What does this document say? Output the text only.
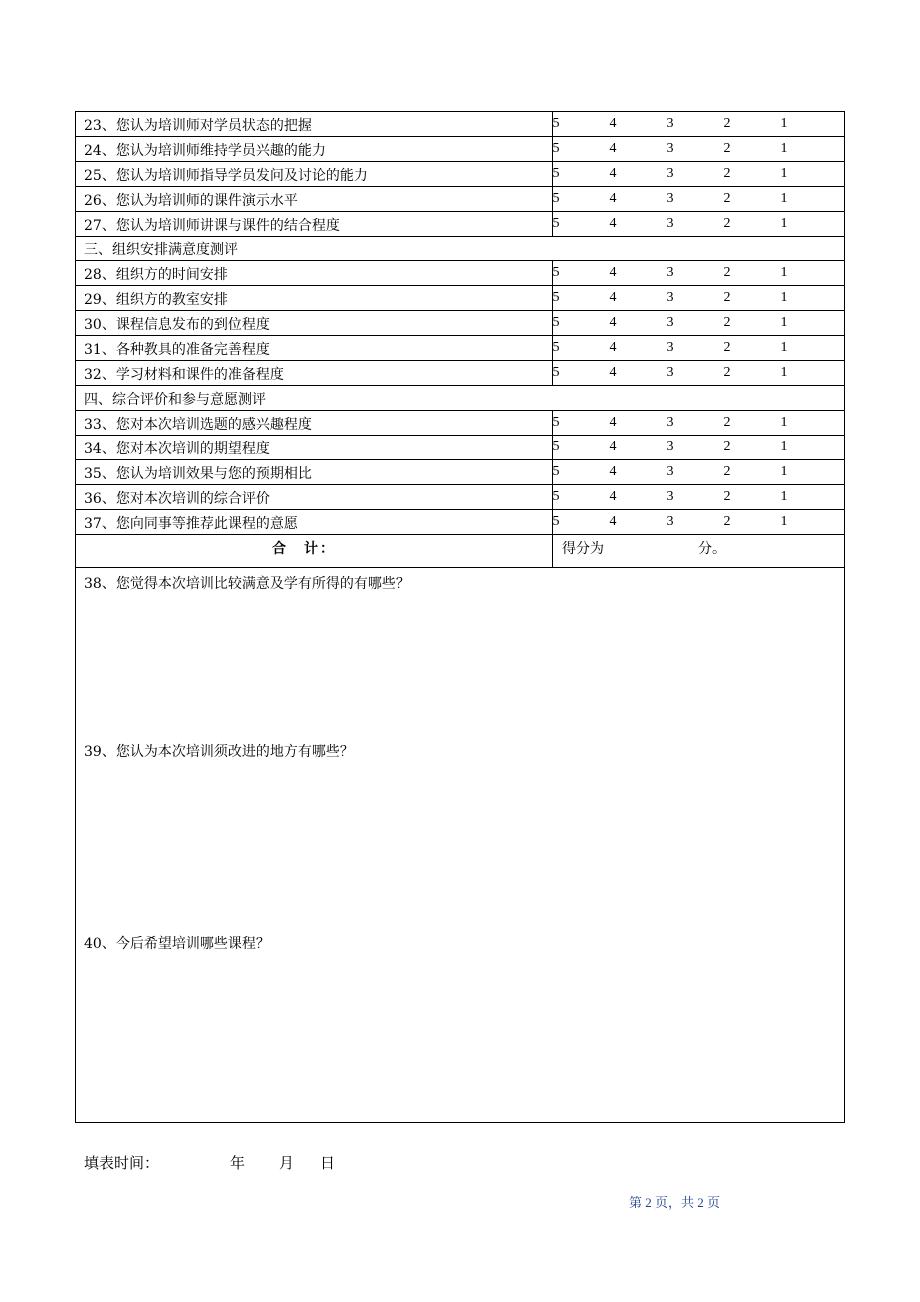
23、您认为培训师对学员状态的把握	5	4	3	2	1
24、您认为培训师维持学员兴趣的能力	5	4	3	2	1
25、您认为培训师指导学员发问及讨论的能力	5	4	3	2	1
26、您认为培训师的课件演示水平	5	4	3	2	1
27、您认为培训师讲课与课件的结合程度	5	4	3	2	1
三、组织安排满意度测评
28、组织方的时间安排	5	4	3	2	1
29、组织方的教室安排	5	4	3	2	1
30、课程信息发布的到位程度	5	4	3	2	1
31、各种教具的准备完善程度	5	4	3	2	1
32、学习材料和课件的准备程度	5	4	3	2	1
四、综合评价和参与意愿测评
33、您对本次培训选题的感兴趣程度	5	4	3	2	1
34、您对本次培训的期望程度	5	4	3	2	1
35、您认为培训效果与您的预期相比	5	4	3	2	1
36、您对本次培训的综合评价	5	4	3	2	1
37、您向同事等推荐此课程的意愿	5	4	3	2	1
合　计：	得分为	分。
38、您觉得本次培训比较满意及学有所得的有哪些？
39、您认为本次培训须改进的地方有哪些？
40、今后希望培训哪些课程？
填表时间：	年 月 日
第 2 页，共 2 页
